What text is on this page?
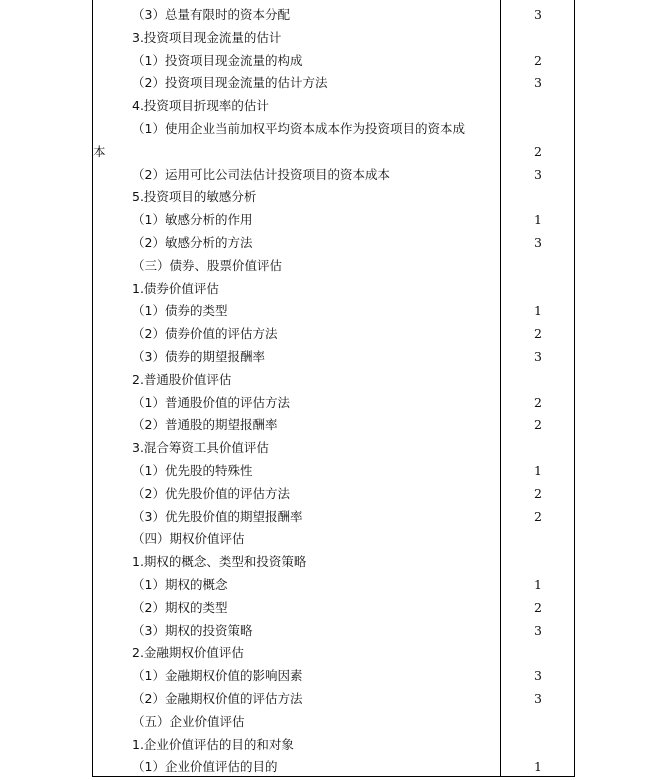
（3）总量有限时的资本分配	3
3.投资项目现金流量的估计
（1）投资项目现金流量的构成	2
（2）投资项目现金流量的估计方法	3
4.投资项目折现率的估计
（1）使用企业当前加权平均资本成本作为投资项目的资本成
本	2
（2）运用可比公司法估计投资项目的资本成本	3
5.投资项目的敏感分析
（1）敏感分析的作用	1
（2）敏感分析的方法	3
（三）债券、股票价值评估
1.债券价值评估
（1）债券的类型	1
（2）债券价值的评估方法	2
（3）债券的期望报酬率	3
2.普通股价值评估
（1）普通股价值的评估方法	2
（2）普通股的期望报酬率	2
3.混合筹资工具价值评估
（1）优先股的特殊性	1
（2）优先股价值的评估方法	2
（3）优先股价值的期望报酬率	2
（四）期权价值评估
1.期权的概念、类型和投资策略
（1）期权的概念	1
（2）期权的类型	2
（3）期权的投资策略	3
2.金融期权价值评估
（1）金融期权价值的影响因素	3
（2）金融期权价值的评估方法	3
（五）企业价值评估
1.企业价值评估的目的和对象
（1）企业价值评估的目的	1
